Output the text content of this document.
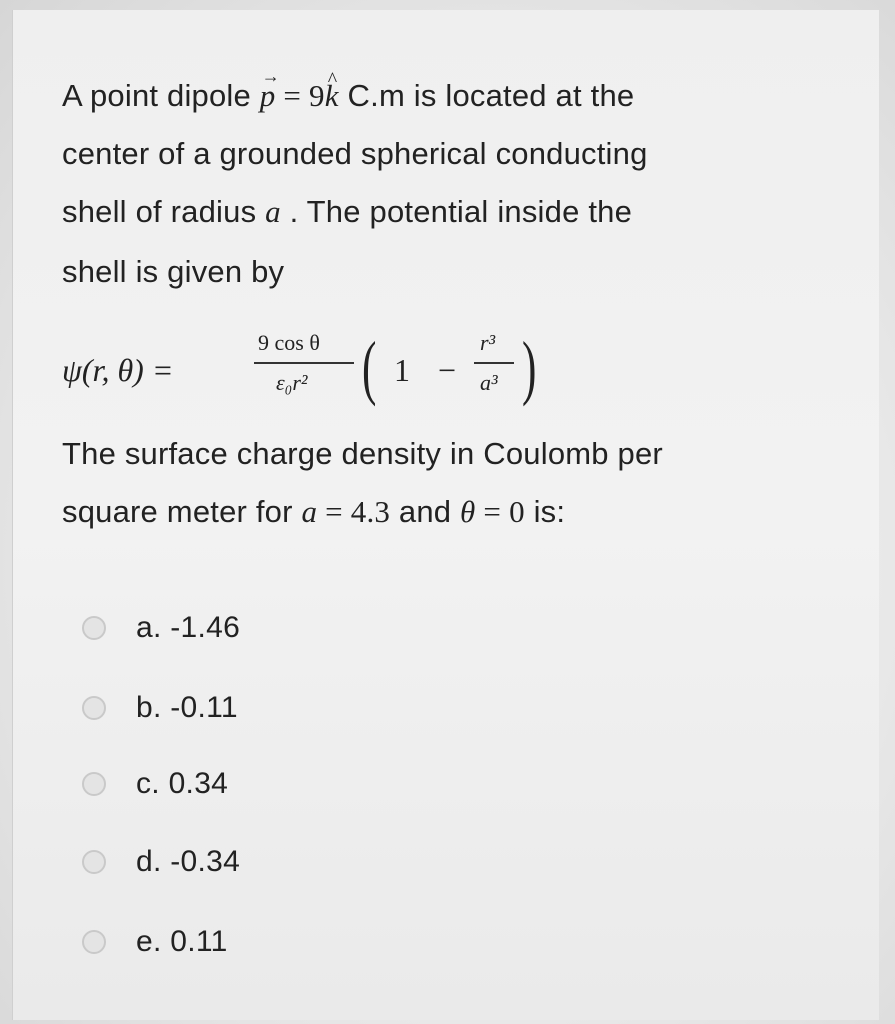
A point dipole → p = 9^ k C.m is located at the
center of a grounded spherical conducting
shell of radius a . The potential inside the
shell is given by
ψ(r, θ) =
9 cos θ
ε₀r² ( 1 −
r³
a³ )
The surface charge density in Coulomb per
square meter for a = 4.3 and θ = 0 is:
a. -1.46
b. -0.11
c. 0.34
d. -0.34
e. 0.11
